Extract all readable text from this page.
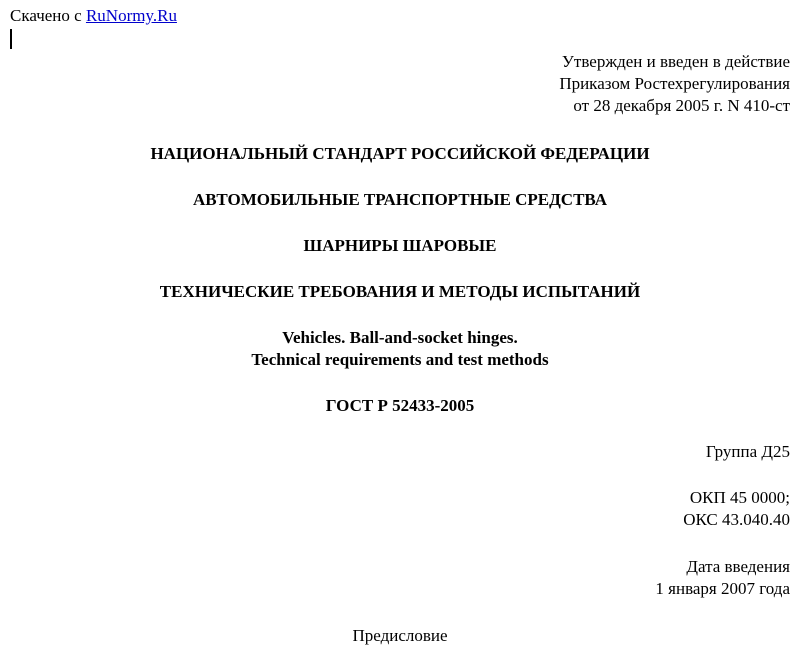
Скачено с RuNormy.Ru
Утвержден и введен в действие
Приказом Ростехрегулирования
от 28 декабря 2005 г. N 410-ст
НАЦИОНАЛЬНЫЙ СТАНДАРТ РОССИЙСКОЙ ФЕДЕРАЦИИ
АВТОМОБИЛЬНЫЕ ТРАНСПОРТНЫЕ СРЕДСТВА
ШАРНИРЫ ШАРОВЫЕ
ТЕХНИЧЕСКИЕ ТРЕБОВАНИЯ И МЕТОДЫ ИСПЫТАНИЙ
Vehicles. Ball-and-socket hinges.
Technical requirements and test methods
ГОСТ Р 52433-2005
Группа Д25
ОКП 45 0000;
ОКС 43.040.40
Дата введения
1 января 2007 года
Предисловие
